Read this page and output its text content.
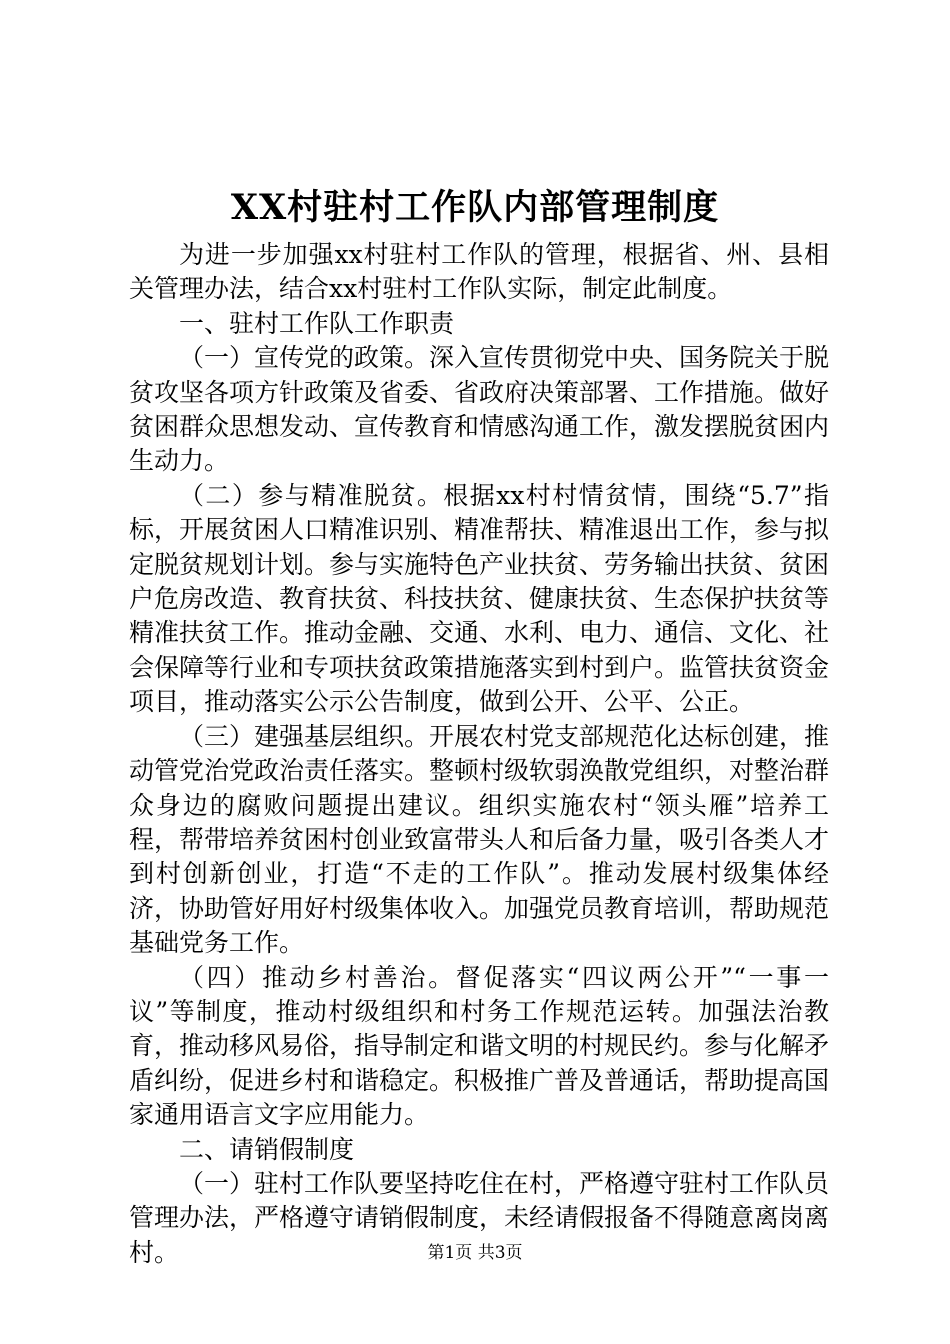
XX村驻村工作队内部管理制度

为进一步加强xx村驻村工作队的管理，根据省、州、县相关管理办法，结合xx村驻村工作队实际，制定此制度。

一、驻村工作队工作职责

（一）宣传党的政策。深入宣传贯彻党中央、国务院关于脱贫攻坚各项方针政策及省委、省政府决策部署、工作措施。做好贫困群众思想发动、宣传教育和情感沟通工作，激发摆脱贫困内生动力。

（二）参与精准脱贫。根据xx村村情贫情，围绕“5.7”指标，开展贫困人口精准识别、精准帮扶、精准退出工作，参与拟定脱贫规划计划。参与实施特色产业扶贫、劳务输出扶贫、贫困户危房改造、教育扶贫、科技扶贫、健康扶贫、生态保护扶贫等精准扶贫工作。推动金融、交通、水利、电力、通信、文化、社会保障等行业和专项扶贫政策措施落实到村到户。监管扶贫资金项目，推动落实公示公告制度，做到公开、公平、公正。

（三）建强基层组织。开展农村党支部规范化达标创建，推动管党治党政治责任落实。整顿村级软弱涣散党组织，对整治群众身边的腐败问题提出建议。组织实施农村“领头雁”培养工程，帮带培养贫困村创业致富带头人和后备力量，吸引各类人才到村创新创业，打造“不走的工作队”。推动发展村级集体经济，协助管好用好村级集体收入。加强党员教育培训，帮助规范基础党务工作。

（四）推动乡村善治。督促落实“四议两公开”“一事一议”等制度，推动村级组织和村务工作规范运转。加强法治教育，推动移风易俗，指导制定和谐文明的村规民约。参与化解矛盾纠纷，促进乡村和谐稳定。积极推广普及普通话，帮助提高国家通用语言文字应用能力。

二、请销假制度

（一）驻村工作队要坚持吃住在村，严格遵守驻村工作队员管理办法，严格遵守请销假制度，未经请假报备不得随意离岗离村。	第1页 共3页
